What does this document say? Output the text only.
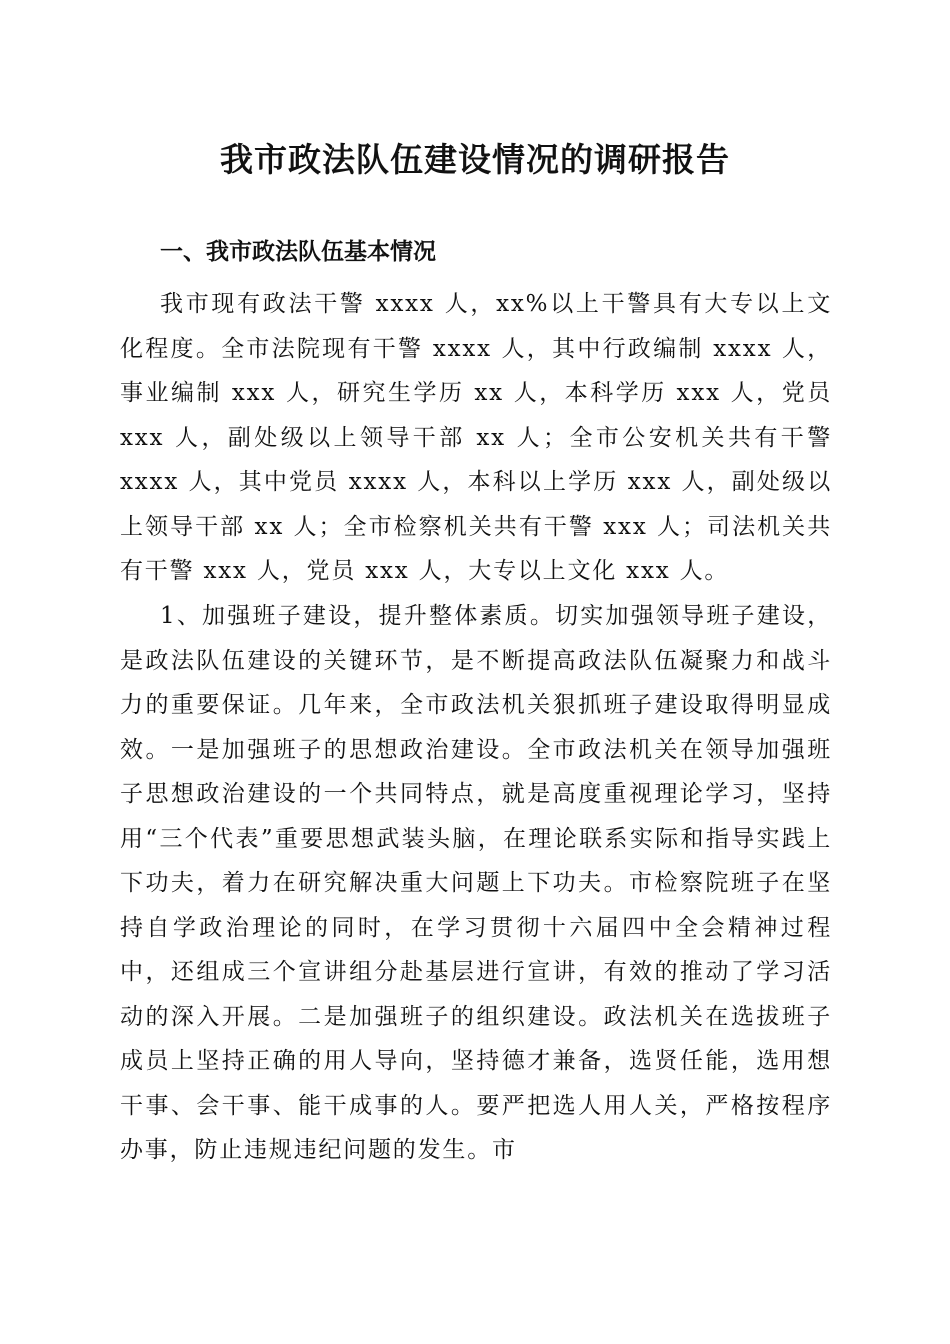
我市政法队伍建设情况的调研报告
一、我市政法队伍基本情况

我市现有政法干警 xxxx 人，xx%以上干警具有大专以上文化程度。全市法院现有干警 xxxx 人，其中行政编制 xxxx 人，事业编制 xxx 人，研究生学历 xx 人，本科学历 xxx 人，党员 xxx 人，副处级以上领导干部 xx 人；全市公安机关共有干警 xxxx 人，其中党员 xxxx 人，本科以上学历 xxx 人，副处级以上领导干部 xx 人；全市检察机关共有干警 xxx 人；司法机关共有干警 xxx 人，党员 xxx 人，大专以上文化 xxx 人。

1、加强班子建设，提升整体素质。切实加强领导班子建设，是政法队伍建设的关键环节，是不断提高政法队伍凝聚力和战斗力的重要保证。几年来，全市政法机关狠抓班子建设取得明显成效。一是加强班子的思想政治建设。全市政法机关在领导加强班子思想政治建设的一个共同特点，就是高度重视理论学习，坚持用“三个代表”重要思想武装头脑，在理论联系实际和指导实践上下功夫，着力在研究解决重大问题上下功夫。市检察院班子在坚持自学政治理论的同时，在学习贯彻十六届四中全会精神过程中，还组成三个宣讲组分赴基层进行宣讲，有效的推动了学习活动的深入开展。二是加强班子的组织建设。政法机关在选拔班子成员上坚持正确的用人导向，坚持德才兼备，选贤任能，选用想干事、会干事、能干成事的人。要严把选人用人关，严格按程序办事，防止违规违纪问题的发生。市
